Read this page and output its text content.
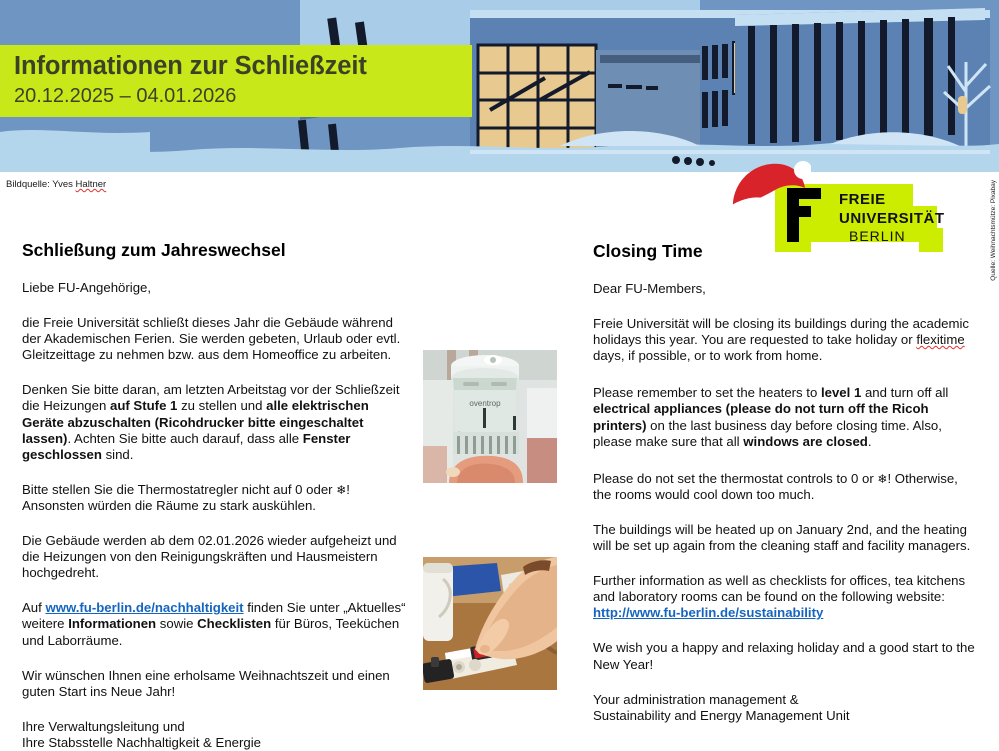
Informationen zur Schließzeit
20.12.2025 – 04.01.2026
Bildquelle: Yves Haltner
FREIE
UNIVERSITÄT
BERLIN	Quelle: Weihnachtsmütze: Pixabay
Schließung zum Jahreswechsel

Liebe FU-Angehörige,

die Freie Universität schließt dieses Jahr die Gebäude während der Akademischen Ferien. Sie werden gebeten, Urlaub oder evtl. Gleitzeittage zu nehmen bzw. aus dem Homeoffice zu arbeiten.

Denken Sie bitte daran, am letzten Arbeitstag vor der Schließzeit die Heizungen auf Stufe 1 zu stellen und alle elektrischen Geräte abzuschalten (Ricohdrucker bitte eingeschaltet lassen). Achten Sie bitte auch darauf, dass alle Fenster geschlossen sind.

Bitte stellen Sie die Thermostatregler nicht auf 0 oder ❄! Ansonsten würden die Räume zu stark auskühlen.

Die Gebäude werden ab dem 02.01.2026 wieder aufgeheizt und die Heizungen von den Reinigungskräften und Hausmeistern hochgedreht.

Auf www.fu-berlin.de/nachhaltigkeit finden Sie unter „Aktuelles“ weitere Informationen sowie Checklisten für Büros, Teeküchen und Laborräume.

Wir wünschen Ihnen eine erholsame Weihnachtszeit und einen guten Start ins Neue Jahr!

Ihre Verwaltungsleitung und

Ihre Stabsstelle Nachhaltigkeit & Energie

Closing Time

Dear FU-Members,

Freie Universität will be closing its buildings during the academic holidays this year. You are requested to take holiday or flexitime days, if possible, or to work from home.

Please remember to set the heaters to level 1 and turn off all electrical appliances (please do not turn off the Ricoh printers) on the last business day before closing time. Also, please make sure that all windows are closed.

Please do not set the thermostat controls to 0 or ❄! Otherwise, the rooms would cool down too much.

The buildings will be heated up on January 2nd, and the heating will be set up again from the cleaning staff and facility managers.

Further information as well as checklists for offices, tea kitchens and laboratory rooms can be found on the following website: http://www.fu-berlin.de/sustainability

We wish you a happy and relaxing holiday and a good start to the New Year!

Your administration management &

Sustainability and Energy Management Unit

oventrop
